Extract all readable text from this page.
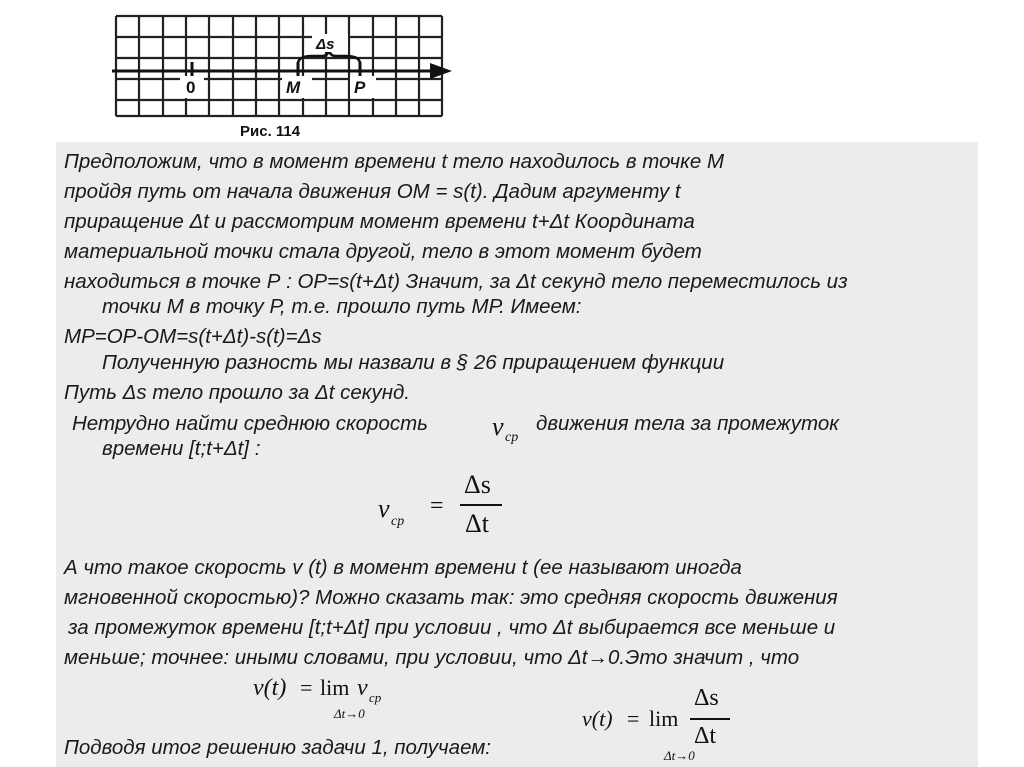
0	M	P
Δs
Рис. 114
Предположим, что в момент времени t тело находилось в точке М
пройдя путь от начала движения ОМ = s(t). Дадим аргументу t
приращение Δt и рассмотрим момент времени t+Δt Координата
материальной точки стала другой, тело в этот момент будет
находиться в точке Р : ОР=s(t+Δt) Значит, за Δt секунд тело переместилось из
точки М в точку Р, т.е. прошло путь МР. Имеем:
МР=ОР-ОМ=s(t+Δt)-s(t)=Δs
Полученную разность мы назвали в § 26 приращением функции
Путь Δs тело прошло за Δt секунд.
Нетрудно найти среднюю скорость	движения тела за промежуток
времени [t;t+Δt] :
v ср
v ср
=
Δs
Δt
А что такое скорость v (t) в момент времени t (ее называют иногда
мгновенной скоростью)? Можно сказать так: это средняя скорость движения
за промежуток времени [t;t+Δt] при условии , что Δt выбирается все меньше и
меньше; точнее: иными словами, при условии, что Δt→0.Это значит , что
v(t) = lim v ср
Δt→0	v(t) = lim
Δs
Δt
Δt→0
Подводя итог решению задачи 1, получаем:
